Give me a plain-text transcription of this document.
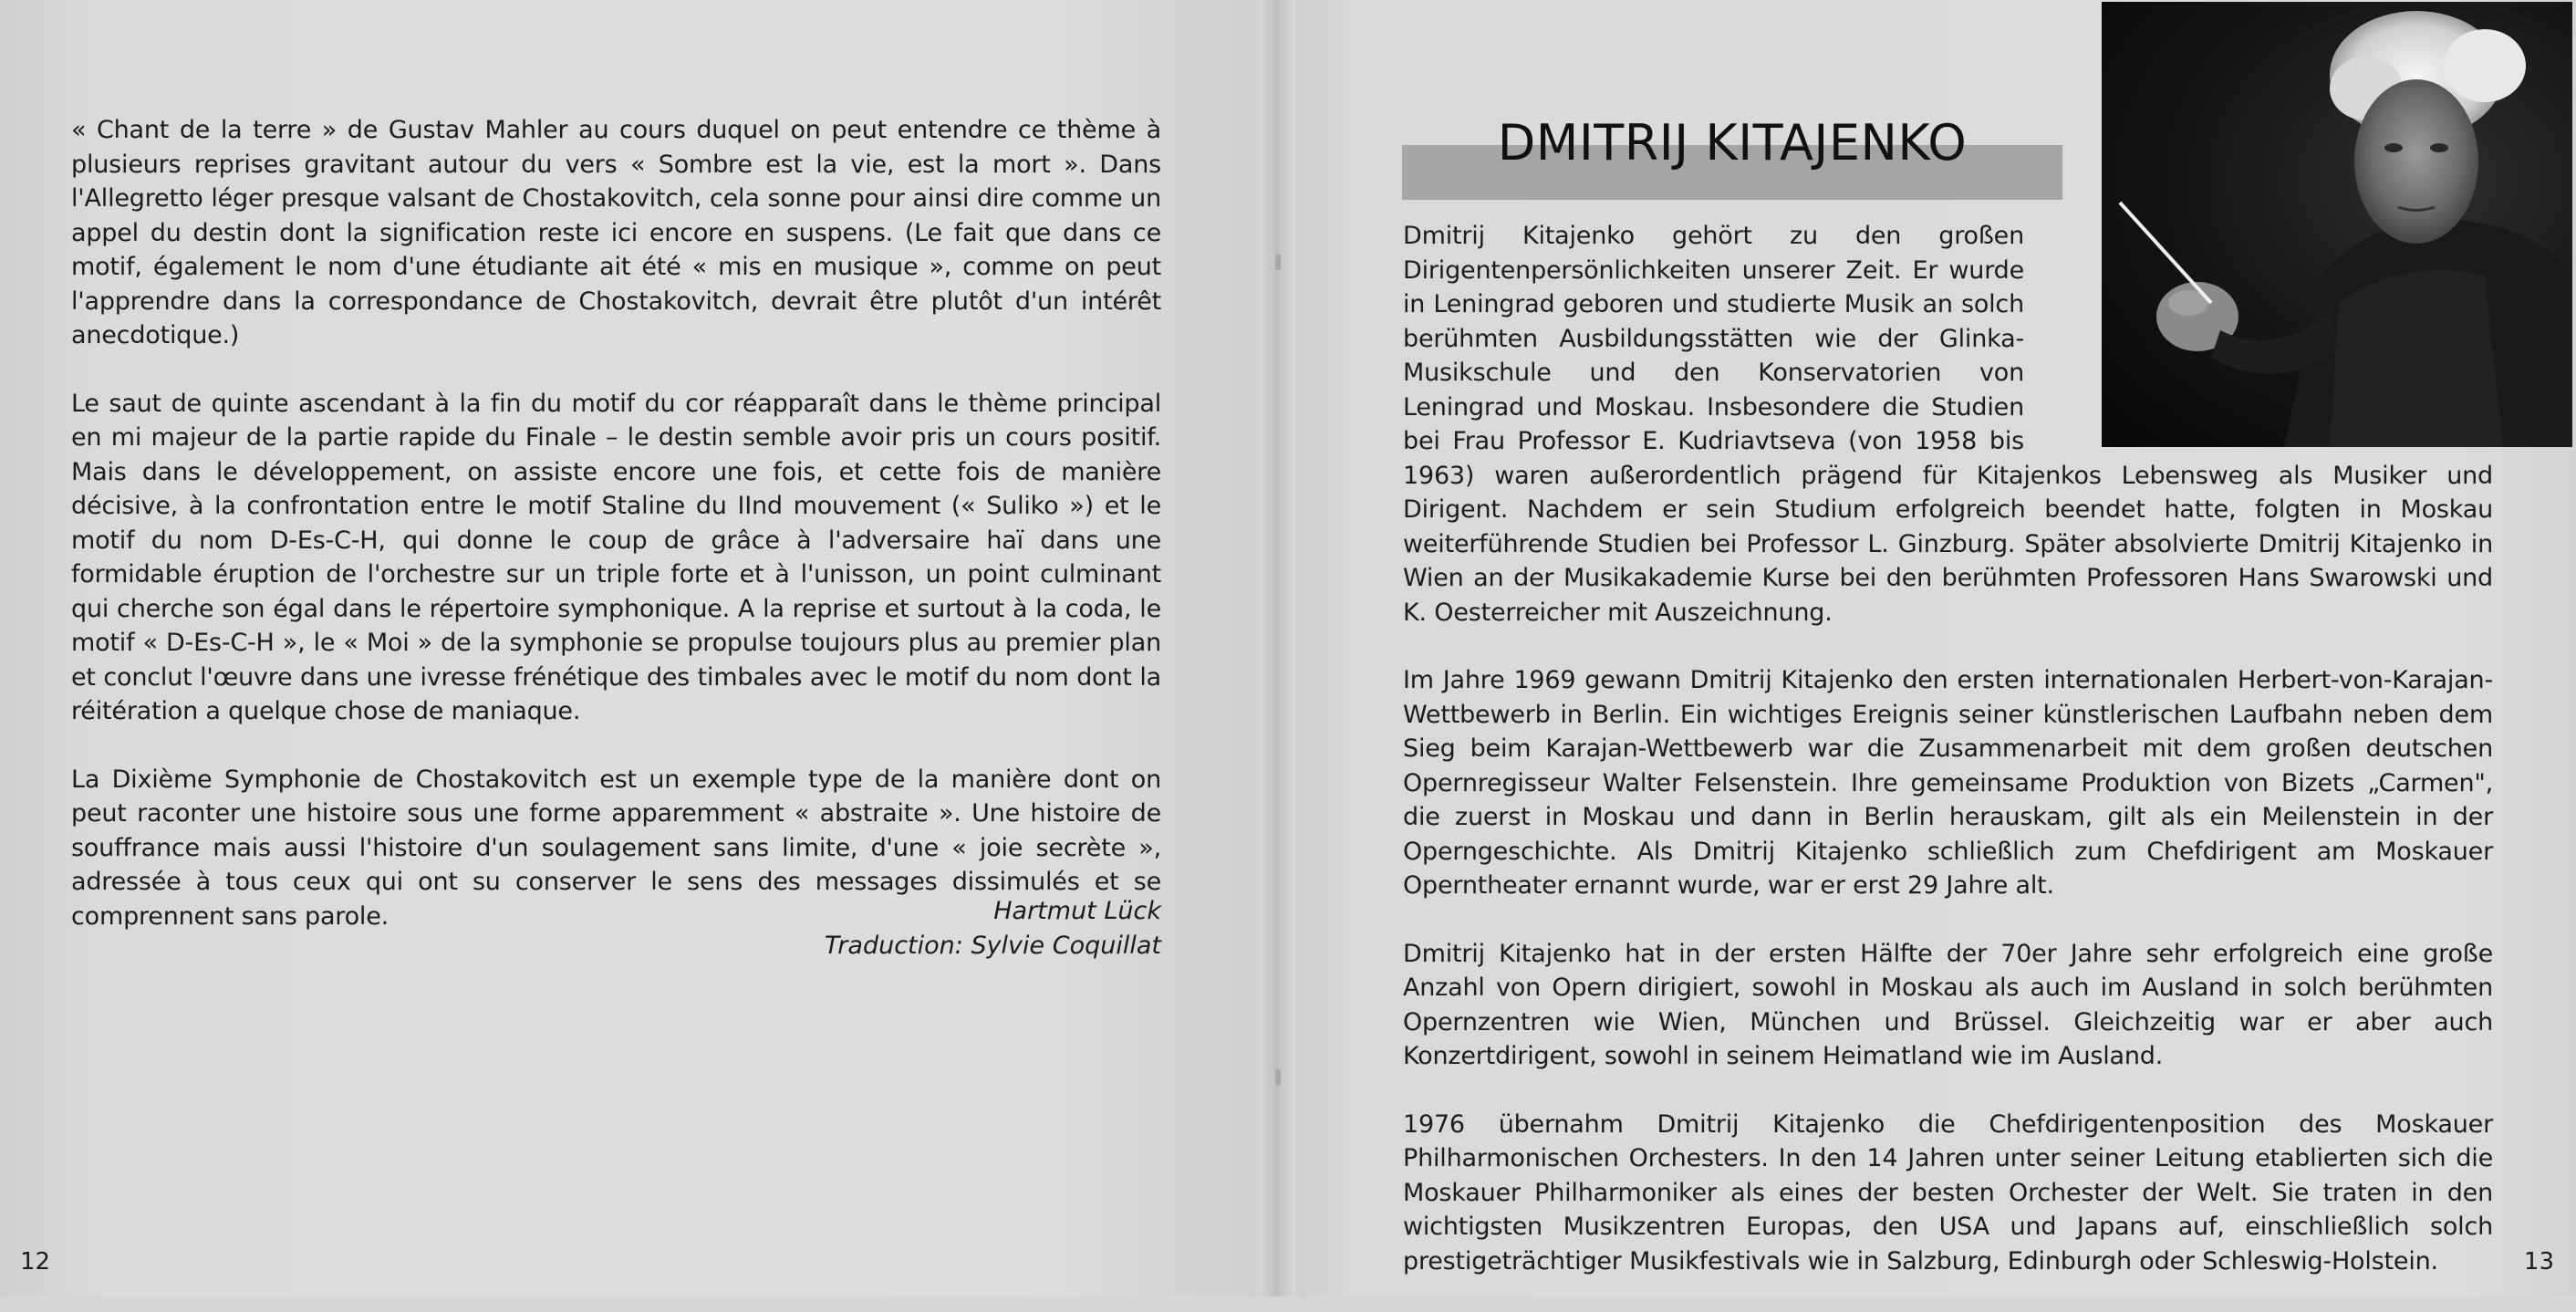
« Chant de la terre » de Gustav Mahler au cours duquel on peut entendre ce thème à plusieurs reprises gravitant autour du vers « Sombre est la vie, est la mort ». Dans l'Allegretto léger presque valsant de Chostakovitch, cela sonne pour ainsi dire comme un appel du destin dont la signification reste ici encore en suspens. (Le fait que dans ce motif, également le nom d'une étudiante ait été « mis en musique », comme on peut l'apprendre dans la correspondance de Chostakovitch, devrait être plutôt d'un intérêt anecdotique.)

Le saut de quinte ascendant à la fin du motif du cor réapparaît dans le thème principal en mi majeur de la partie rapide du Finale – le destin semble avoir pris un cours positif. Mais dans le développement, on assiste encore une fois, et cette fois de manière décisive, à la confrontation entre le motif Staline du IInd mouvement (« Suliko ») et le motif du nom D-Es-C-H, qui donne le coup de grâce à l'adversaire haï dans une formidable éruption de l'orchestre sur un triple forte et à l'unisson, un point culminant qui cherche son égal dans le répertoire symphonique. A la reprise et surtout à la coda, le motif « D-Es-C-H », le « Moi » de la symphonie se propulse toujours plus au premier plan et conclut l'œuvre dans une ivresse frénétique des timbales avec le motif du nom dont la réitération a quelque chose de maniaque.

La Dixième Symphonie de Chostakovitch est un exemple type de la manière dont on peut raconter une histoire sous une forme apparemment « abstraite ». Une histoire de souffrance mais aussi l'histoire d'un soulagement sans limite, d'une « joie secrète », adressée à tous ceux qui ont su conserver le sens des messages dissimulés et se comprennent sans parole.	Hartmut Lück
Traduction: Sylvie Coquillat
12
DMITRIJ KITAJENKO

Dmitrij Kitajenko gehört zu den großen Dirigentenpersönlichkeiten unserer Zeit. Er wurde in Leningrad geboren und studierte Musik an solch berühmten Ausbildungsstätten wie der Glinka-Musikschule und den Konservatorien von Leningrad und Moskau. Insbesondere die Studien bei Frau Professor E. Kudriavtseva (von 1958 bis 1963) waren außerordentlich prägend für Kitajenkos Lebensweg als Musiker und Dirigent. Nachdem er sein Studium erfolgreich beendet hatte, folgten in Moskau weiterführende Studien bei Professor L. Ginzburg. Später absolvierte Dmitrij Kitajenko in Wien an der Musikakademie Kurse bei den berühmten Professoren Hans Swarowski und K. Oesterreicher mit Auszeichnung.

Im Jahre 1969 gewann Dmitrij Kitajenko den ersten internationalen Herbert-von-Karajan-Wettbewerb in Berlin. Ein wichtiges Ereignis seiner künstlerischen Laufbahn neben dem Sieg beim Karajan-Wettbewerb war die Zusammenarbeit mit dem großen deutschen Opernregisseur Walter Felsenstein. Ihre gemeinsame Produktion von Bizets „Carmen", die zuerst in Moskau und dann in Berlin herauskam, gilt als ein Meilenstein in der Operngeschichte. Als Dmitrij Kitajenko schließlich zum Chefdirigent am Moskauer Operntheater ernannt wurde, war er erst 29 Jahre alt.

Dmitrij Kitajenko hat in der ersten Hälfte der 70er Jahre sehr erfolgreich eine große Anzahl von Opern dirigiert, sowohl in Moskau als auch im Ausland in solch berühmten Opernzentren wie Wien, München und Brüssel. Gleichzeitig war er aber auch Konzertdirigent, sowohl in seinem Heimatland wie im Ausland.

1976 übernahm Dmitrij Kitajenko die Chefdirigentenposition des Moskauer Philharmonischen Orchesters. In den 14 Jahren unter seiner Leitung etablierten sich die Moskauer Philharmoniker als eines der besten Orchester der Welt. Sie traten in den wichtigsten Musikzentren Europas, den USA und Japans auf, einschließlich solch prestigeträchtiger Musikfestivals wie in Salzburg, Edinburgh oder Schleswig-Holstein.	13
